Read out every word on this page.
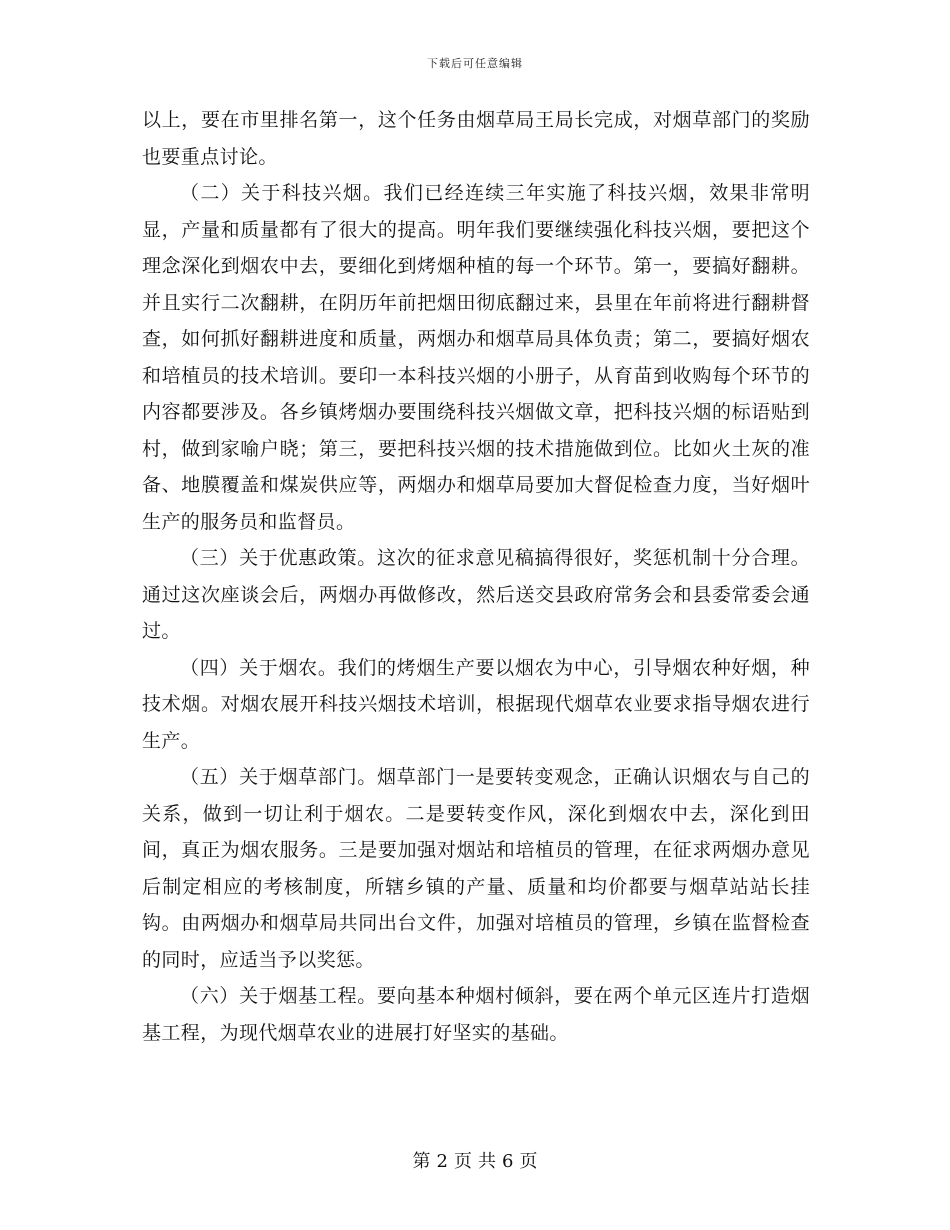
下载后可任意编辑

以上，要在市里排名第一，这个任务由烟草局王局长完成，对烟草部门的奖励也要重点讨论。

（二）关于科技兴烟。我们已经连续三年实施了科技兴烟，效果非常明显，产量和质量都有了很大的提高。明年我们要继续强化科技兴烟，要把这个理念深化到烟农中去，要细化到烤烟种植的每一个环节。第一，要搞好翻耕。并且实行二次翻耕，在阴历年前把烟田彻底翻过来，县里在年前将进行翻耕督查，如何抓好翻耕进度和质量，两烟办和烟草局具体负责；第二，要搞好烟农和培植员的技术培训。要印一本科技兴烟的小册子，从育苗到收购每个环节的内容都要涉及。各乡镇烤烟办要围绕科技兴烟做文章，把科技兴烟的标语贴到村，做到家喻户晓；第三，要把科技兴烟的技术措施做到位。比如火土灰的准备、地膜覆盖和煤炭供应等，两烟办和烟草局要加大督促检查力度，当好烟叶生产的服务员和监督员。

（三）关于优惠政策。这次的征求意见稿搞得很好，奖惩机制十分合理。通过这次座谈会后，两烟办再做修改，然后送交县政府常务会和县委常委会通过。

（四）关于烟农。我们的烤烟生产要以烟农为中心，引导烟农种好烟，种技术烟。对烟农展开科技兴烟技术培训，根据现代烟草农业要求指导烟农进行生产。

（五）关于烟草部门。烟草部门一是要转变观念，正确认识烟农与自己的关系，做到一切让利于烟农。二是要转变作风，深化到烟农中去，深化到田间，真正为烟农服务。三是要加强对烟站和培植员的管理，在征求两烟办意见后制定相应的考核制度，所辖乡镇的产量、质量和均价都要与烟草站站长挂钩。由两烟办和烟草局共同出台文件，加强对培植员的管理，乡镇在监督检查的同时，应适当予以奖惩。

（六）关于烟基工程。要向基本种烟村倾斜，要在两个单元区连片打造烟基工程，为现代烟草农业的进展打好坚实的基础。

第 2 页 共 6 页
